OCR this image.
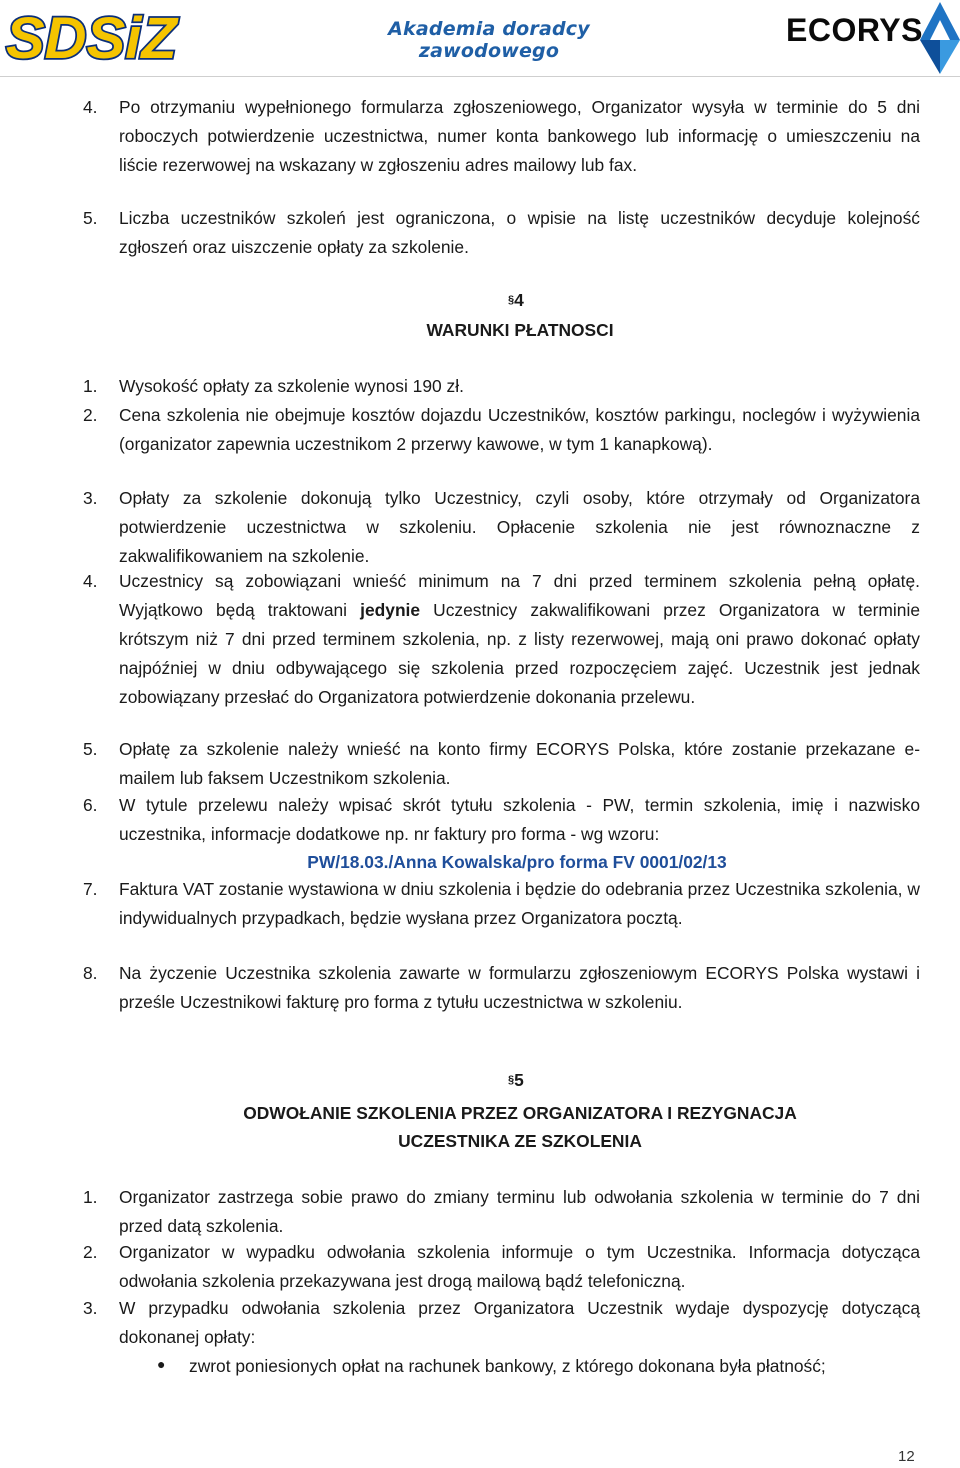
SDSiZ	Akademia doradcy zawodowego
ECORYS
4.	Po otrzymaniu wypełnionego formularza zgłoszeniowego, Organizator wysyła w terminie do 5 dni roboczych potwierdzenie uczestnictwa, numer konta bankowego lub informację o umieszczeniu na liście rezerwowej na wskazany w zgłoszeniu adres mailowy lub fax.
5.	Liczba uczestników szkoleń jest ograniczona, o wpisie na listę uczestników decyduje kolejność zgłoszeń oraz uiszczenie opłaty za szkolenie.
§4
WARUNKI PŁATNOSCI
1.	Wysokość opłaty za szkolenie wynosi 190 zł.
2.	Cena szkolenia nie obejmuje kosztów dojazdu Uczestników, kosztów parkingu, noclegów i wyżywienia (organizator zapewnia uczestnikom 2 przerwy kawowe, w tym 1 kanapkową).
3.	Opłaty za szkolenie dokonują tylko Uczestnicy, czyli osoby, które otrzymały od Organizatora potwierdzenie uczestnictwa w szkoleniu. Opłacenie szkolenia nie jest równoznaczne z zakwalifikowaniem na szkolenie.
4.	Uczestnicy są zobowiązani wnieść minimum na 7 dni przed terminem szkolenia pełną opłatę. Wyjątkowo będą traktowani jedynie Uczestnicy zakwalifikowani przez Organizatora w terminie krótszym niż 7 dni przed terminem szkolenia, np. z listy rezerwowej, mają oni prawo dokonać opłaty najpóźniej w dniu odbywającego się szkolenia przed rozpoczęciem zajęć. Uczestnik jest jednak zobowiązany przesłać do Organizatora potwierdzenie dokonania przelewu.
5.	Opłatę za szkolenie należy wnieść na konto firmy ECORYS Polska, które zostanie przekazane e-mailem lub faksem Uczestnikom szkolenia.
6.	W tytule przelewu należy wpisać skrót tytułu szkolenia - PW, termin szkolenia, imię i nazwisko uczestnika, informacje dodatkowe np. nr faktury pro forma - wg wzoru:
PW/18.03./Anna Kowalska/pro forma FV 0001/02/13
7.	Faktura VAT zostanie wystawiona w dniu szkolenia i będzie do odebrania przez Uczestnika szkolenia, w indywidualnych przypadkach, będzie wysłana przez Organizatora pocztą.
8.	Na życzenie Uczestnika szkolenia zawarte w formularzu zgłoszeniowym ECORYS Polska wystawi i prześle Uczestnikowi fakturę pro forma z tytułu uczestnictwa w szkoleniu.
§5
ODWOŁANIE SZKOLENIA PRZEZ ORGANIZATORA I REZYGNACJA
UCZESTNIKA ZE SZKOLENIA
1.	Organizator zastrzega sobie prawo do zmiany terminu lub odwołania szkolenia w terminie do 7 dni przed datą szkolenia.
2.	Organizator w wypadku odwołania szkolenia informuje o tym Uczestnika. Informacja dotycząca odwołania szkolenia przekazywana jest drogą mailową bądź telefoniczną.
3.	W przypadku odwołania szkolenia przez Organizatora Uczestnik wydaje dyspozycję dotyczącą dokonanej opłaty:
● zwrot poniesionych opłat na rachunek bankowy, z którego dokonana była płatność;
12
